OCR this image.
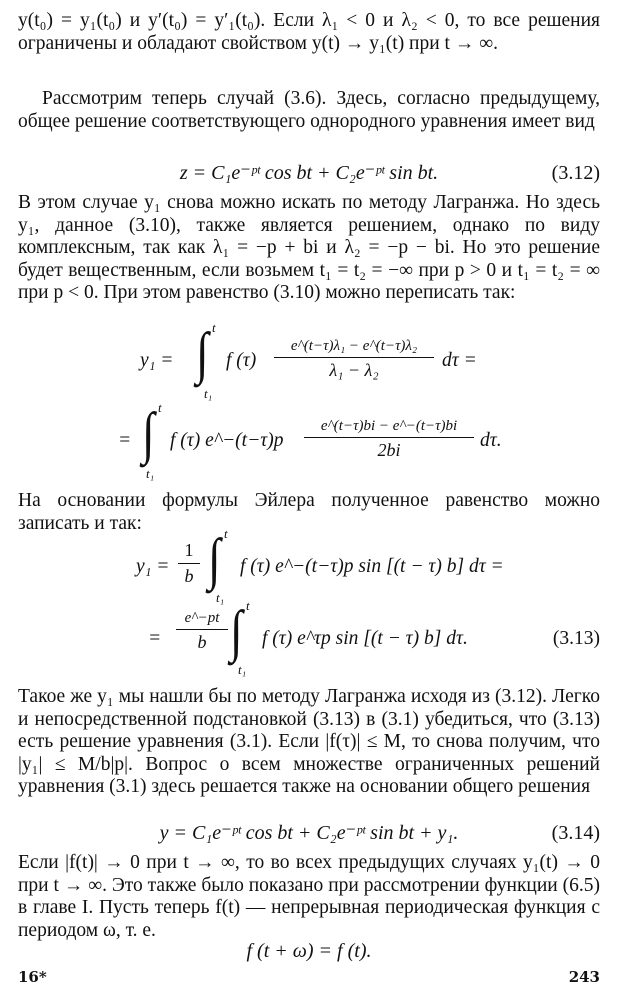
y(t₀) = y₁(t₀) и y′(t₀) = y′₁(t₀). Если λ₁ < 0 и λ₂ < 0, то все решения ограничены и обладают свойством y(t) → y₁(t) при t → ∞.

Рассмотрим теперь случай (3.6). Здесь, согласно предыдущему, общее решение соответствующего однородного уравнения имеет вид

z = C₁e⁻ᵖᵗ cos bt + C₂e⁻ᵖᵗ sin bt.	(3.12)

В этом случае y₁ снова можно искать по методу Лагранжа. Но здесь y₁, данное (3.10), также является решением, однако по виду комплексным, так как λ₁ = −p + bi и λ₂ = −p − bi. Но это решение будет вещественным, если возьмем t₁ = t₂ = −∞ при p > 0 и t₁ = t₂ = ∞ при p < 0. При этом равенство (3.10) можно переписать так:

y₁ = ∫ t
t₁
f (τ)
e^(t−τ)λ₁ − e^(t−τ)λ₂
λ₁ − λ₂	dτ =
= ∫ t
t₁
f (τ) e^−(t−τ)p
e^(t−τ)bi − e^−(t−τ)bi
2bi	dτ.

На основании формулы Эйлера полученное равенство можно записать и так:

y₁ =
1
b ∫ t
t₁
f (τ) e^−(t−τ)p sin [(t − τ) b] dτ =
=
e^−pt
b ∫ t
t₁
f (τ) e^τp sin [(t − τ) b] dτ.	(3.13)

Такое же y₁ мы нашли бы по методу Лагранжа исходя из (3.12). Легко и непосредственной подстановкой (3.13) в (3.1) убедиться, что (3.13) есть решение уравнения (3.1). Если |f(τ)| ≤ M, то снова получим, что |y₁| ≤ M/b|p|. Вопрос о всем множестве ограниченных решений уравнения (3.1) здесь решается также на основании общего решения

y = C₁e⁻ᵖᵗ cos bt + C₂e⁻ᵖᵗ sin bt + y₁.	(3.14)

Если |f(t)| → 0 при t → ∞, то во всех предыдущих случаях y₁(t) → 0 при t → ∞. Это также было показано при рассмотрении функции (6.5) в главе I. Пусть теперь f(t) — непрерывная периодическая функция с периодом ω, т. е.

f (t + ω) = f (t).
16*	243
